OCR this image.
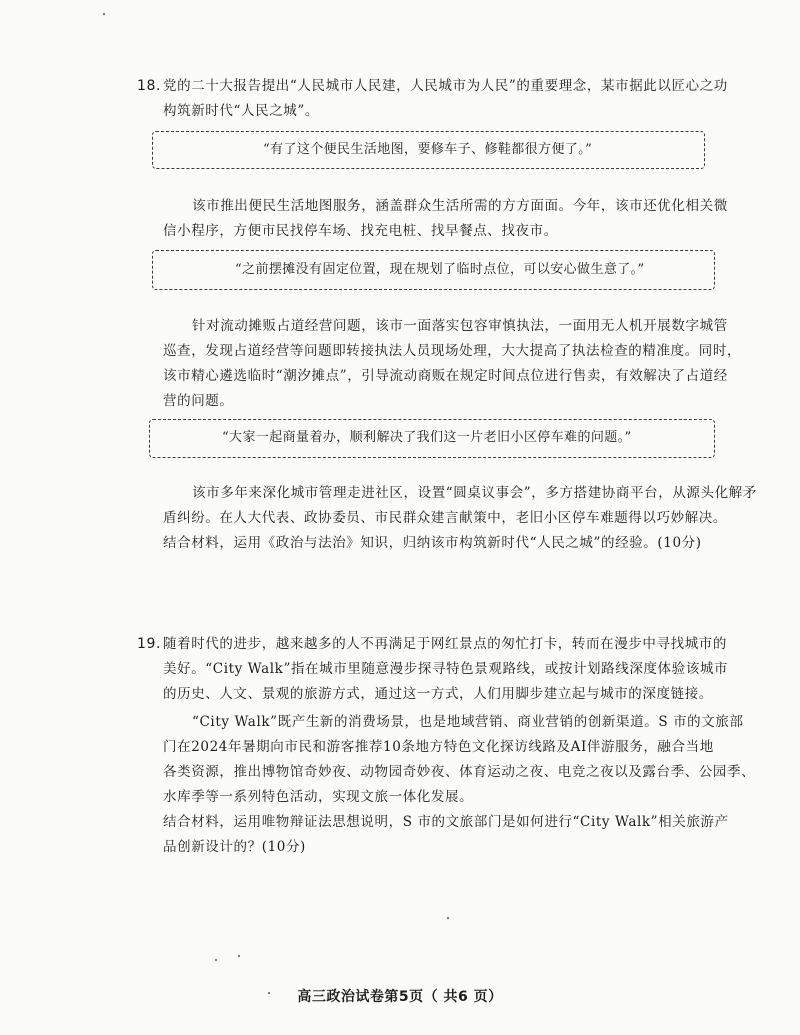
18. 党的二十大报告提出“人民城市人民建，人民城市为人民”的重要理念，某市据此以匠心之功
构筑新时代“人民之城”。
“有了这个便民生活地图，要修车子、修鞋都很方便了。”
该市推出便民生活地图服务，涵盖群众生活所需的方方面面。今年，该市还优化相关微
信小程序，方便市民找停车场、找充电桩、找早餐点、找夜市。
“之前摆摊没有固定位置，现在规划了临时点位，可以安心做生意了。”
针对流动摊贩占道经营问题，该市一面落实包容审慎执法，一面用无人机开展数字城管
巡查，发现占道经营等问题即转接执法人员现场处理，大大提高了执法检查的精准度。同时，
该市精心遴选临时“潮汐摊点”，引导流动商贩在规定时间点位进行售卖，有效解决了占道经
营的问题。
“大家一起商量着办，顺利解决了我们这一片老旧小区停车难的问题。”
该市多年来深化城市管理走进社区，设置“圆桌议事会”，多方搭建协商平台，从源头化解矛
盾纠纷。在人大代表、政协委员、市民群众建言献策中，老旧小区停车难题得以巧妙解决。
结合材料，运用《政治与法治》知识，归纳该市构筑新时代“人民之城”的经验。(10分)
19. 随着时代的进步，越来越多的人不再满足于网红景点的匆忙打卡，转而在漫步中寻找城市的
美好。“City Walk”指在城市里随意漫步探寻特色景观路线，或按计划路线深度体验该城市
的历史、人文、景观的旅游方式，通过这一方式，人们用脚步建立起与城市的深度链接。
“City Walk”既产生新的消费场景，也是地域营销、商业营销的创新渠道。S 市的文旅部
门在2024年暑期向市民和游客推荐10条地方特色文化探访线路及AI伴游服务，融合当地
各类资源，推出博物馆奇妙夜、动物园奇妙夜、体育运动之夜、电竞之夜以及露台季、公园季、
水库季等一系列特色活动，实现文旅一体化发展。
结合材料，运用唯物辩证法思想说明，S 市的文旅部门是如何进行“City Walk”相关旅游产
品创新设计的？(10分)
高三政治试卷第5页（ 共6 页）
